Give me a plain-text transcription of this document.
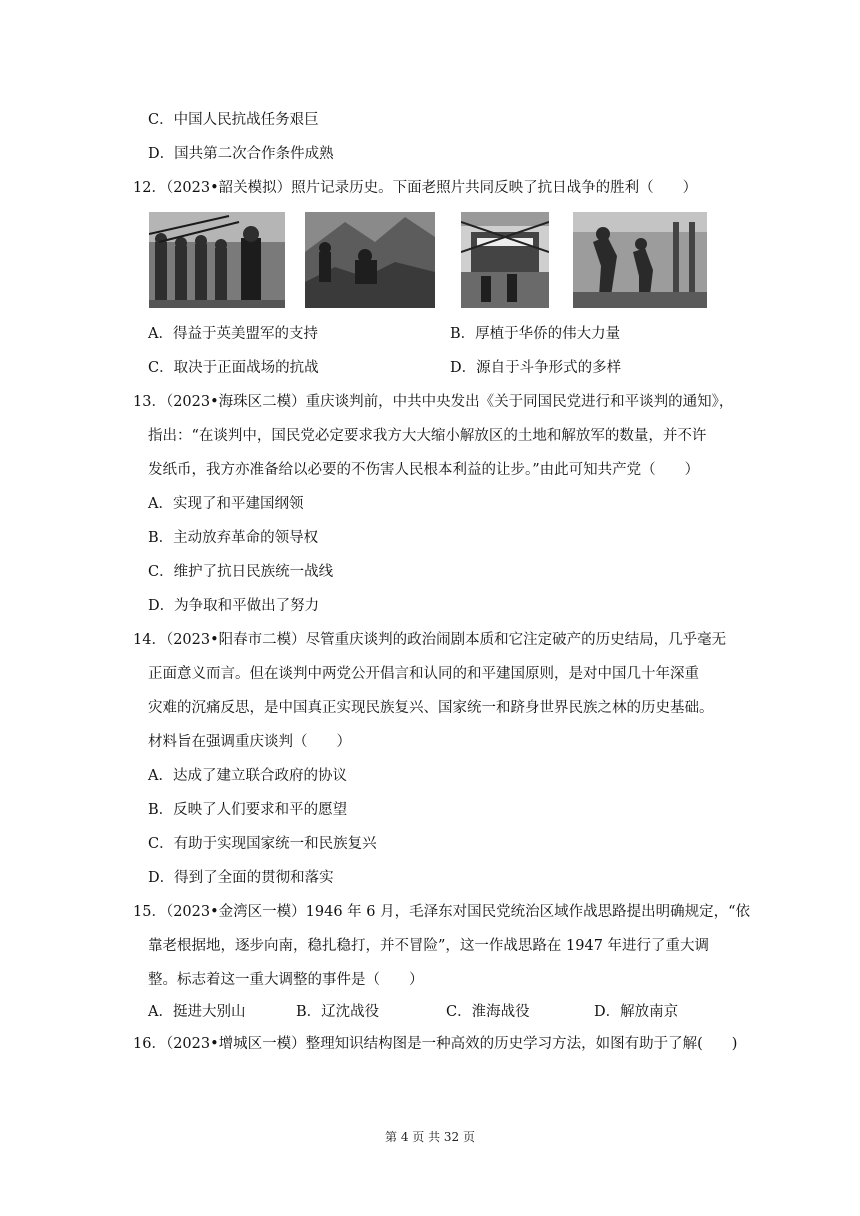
C．中国人民抗战任务艰巨
D．国共第二次合作条件成熟
12．（2023•韶关模拟）照片记录历史。下面老照片共同反映了抗日战争的胜利（　　）
A．得益于英美盟军的支持	B．厚植于华侨的伟大力量
C．取决于正面战场的抗战	D．源自于斗争形式的多样
13．（2023•海珠区二模）重庆谈判前，中共中央发出《关于同国民党进行和平谈判的通知》，
指出：“在谈判中，国民党必定要求我方大大缩小解放区的土地和解放军的数量，并不许
发纸币，我方亦准备给以必要的不伤害人民根本利益的让步。”由此可知共产党（　　）
A．实现了和平建国纲领
B．主动放弃革命的领导权
C．维护了抗日民族统一战线
D．为争取和平做出了努力
14．（2023•阳春市二模）尽管重庆谈判的政治闹剧本质和它注定破产的历史结局，几乎毫无
正面意义而言。但在谈判中两党公开倡言和认同的和平建国原则，是对中国几十年深重
灾难的沉痛反思，是中国真正实现民族复兴、国家统一和跻身世界民族之林的历史基础。
材料旨在强调重庆谈判（　　）
A．达成了建立联合政府的协议
B．反映了人们要求和平的愿望
C．有助于实现国家统一和民族复兴
D．得到了全面的贯彻和落实
15．（2023•金湾区一模）1946 年 6 月，毛泽东对国民党统治区域作战思路提出明确规定，“依
靠老根据地，逐步向南，稳扎稳打，并不冒险”，这一作战思路在 1947 年进行了重大调
整。标志着这一重大调整的事件是（　　）
A．挺进大别山	B．辽沈战役	C．淮海战役	D．解放南京
16．（2023•增城区一模）整理知识结构图是一种高效的历史学习方法，如图有助于了解(　　)
第 4 页 共 32 页
